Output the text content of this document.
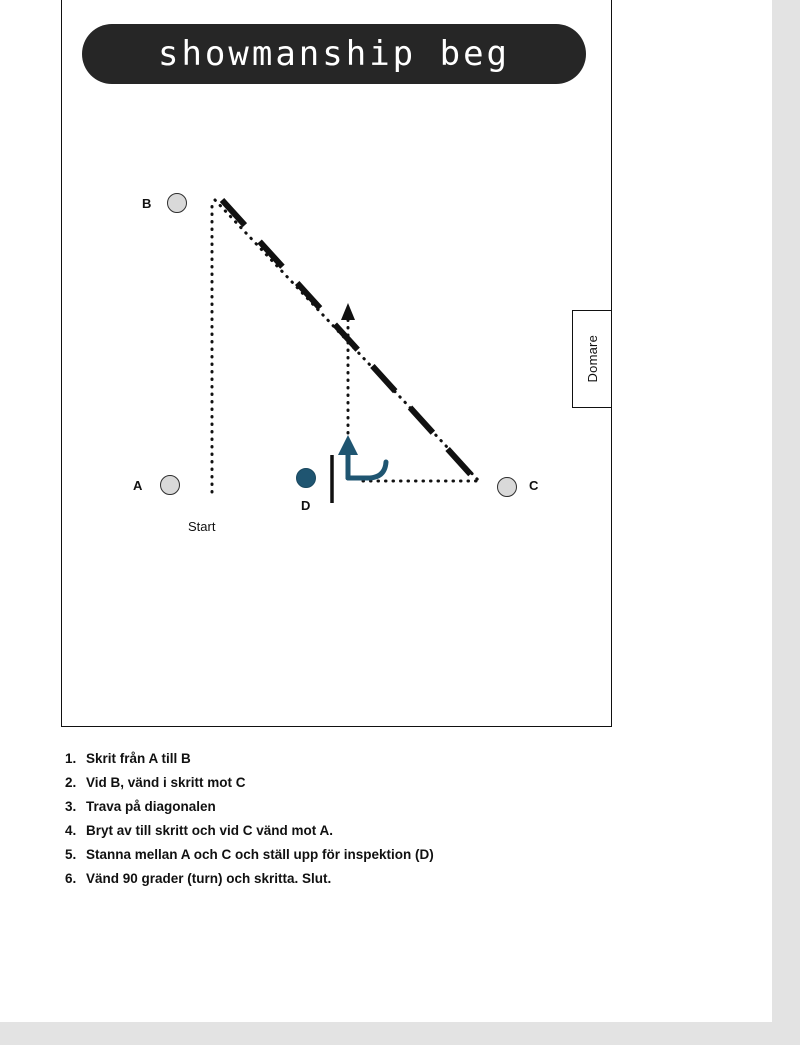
showmanship beg
Domare
B
A	C
D
Start
1. Skrit från A till B
2. Vid B, vänd i skritt mot C
3. Trava på diagonalen
4. Bryt av till skritt och vid C vänd mot A.
5. Stanna mellan A och C och ställ upp för inspektion (D)
6. Vänd 90 grader (turn) och skritta. Slut.
